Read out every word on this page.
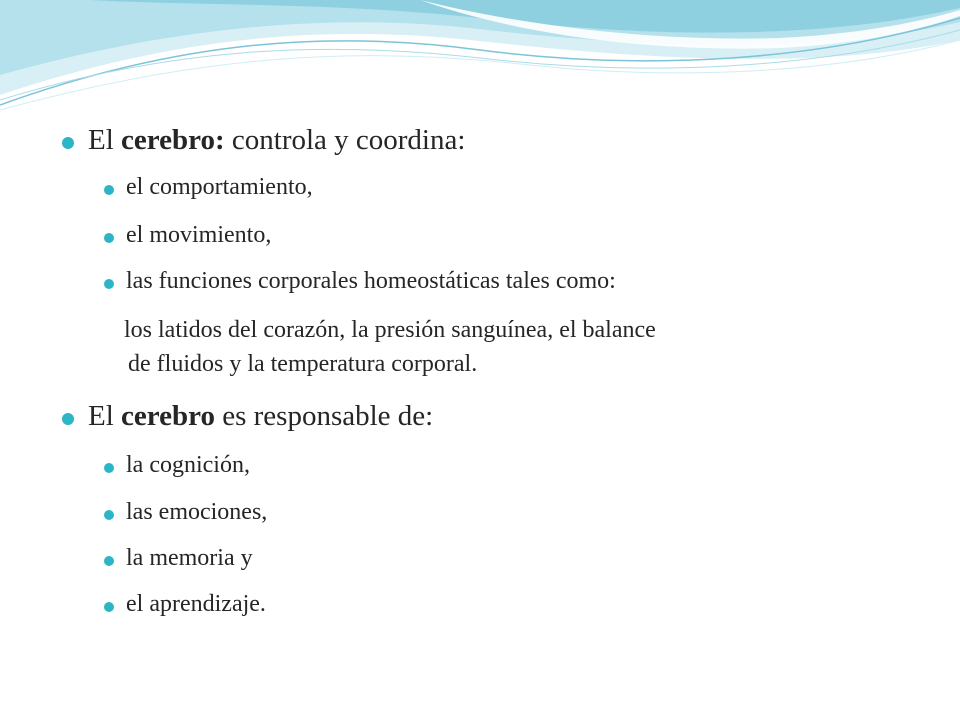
El cerebro: controla y coordina:
el comportamiento,
el movimiento,
las funciones corporales homeostáticas tales como:
los latidos del corazón, la presión sanguínea, el balance
de fluidos y la temperatura corporal.
El cerebro es responsable de:
la cognición,
las emociones,
la memoria y
el aprendizaje.
